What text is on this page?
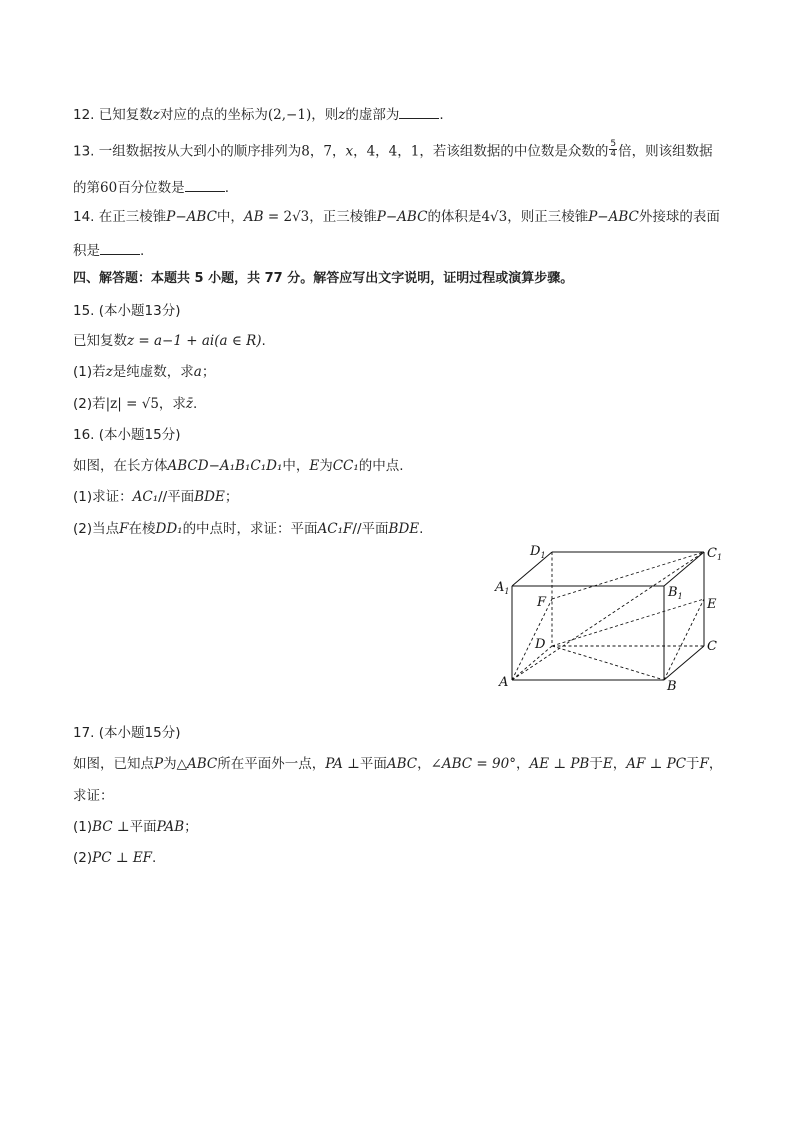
12. 已知复数z对应的点的坐标为(2,−1)，则z的虚部为	.
13. 一组数据按从大到小的顺序排列为8，7，x，4，4，1，若该组数据的中位数是众数的 $\frac{5}{4}$ 倍，则该组数据
的第60百分位数是	.
14. 在正三棱锥P−ABC中，AB = 2√3，正三棱锥P−ABC的体积是4√3，则正三棱锥P−ABC外接球的表面
积是	.
四、解答题：本题共 5 小题，共 77 分。解答应写出文字说明，证明过程或演算步骤。
15. (本小题13分)
已知复数z = a−1 + ai(a ∈ R).
(1)若z是纯虚数，求a；
(2)若|z| = √5，求z̄.
16. (本小题15分)
如图，在长方体ABCD−A₁B₁C₁D₁中，E为CC₁的中点.
(1)求证：AC₁//平面BDE；
(2)当点F在棱DD₁的中点时，求证：平面AC₁F//平面BDE.
$D_1$	$C_1$
$A_1$	$B_1$
F	E
D	C
A	B
17. (本小题15分)
如图，已知点P为△ABC所在平面外一点，PA ⊥平面ABC，∠ABC = 90°，AE ⊥ PB于E，AF ⊥ PC于F，
求证：
(1)BC ⊥平面PAB；
(2)PC ⊥ EF.
